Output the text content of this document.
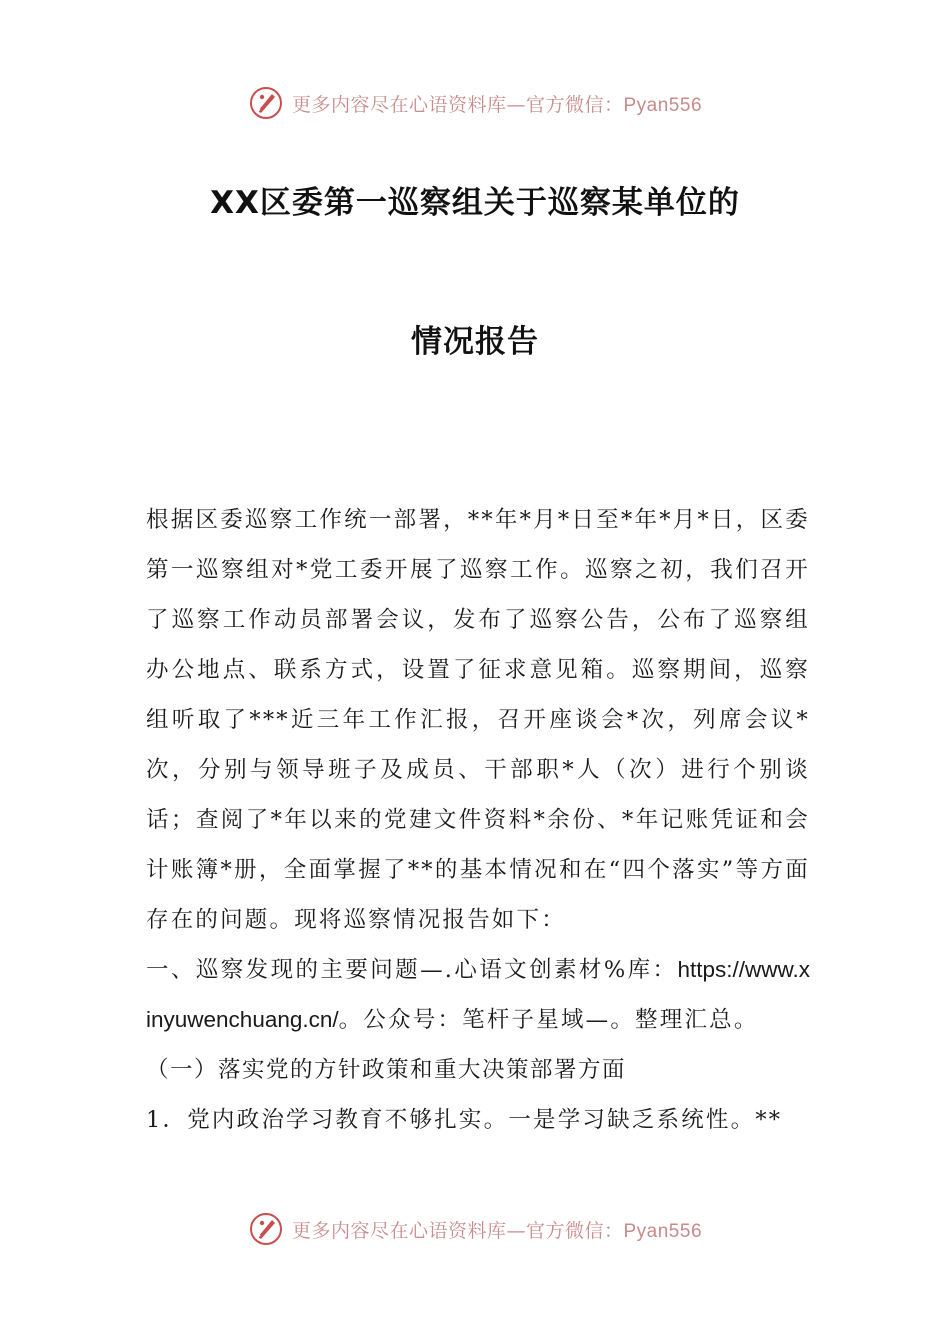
更多内容尽在心语资料库—官方微信：Pyan556
XX区委第一巡察组关于巡察某单位的
情况报告

根据区委巡察工作统一部署，**年*月*日至*年*月*日，区委第一巡察组对*党工委开展了巡察工作。巡察之初，我们召开了巡察工作动员部署会议，发布了巡察公告，公布了巡察组办公地点、联系方式，设置了征求意见箱。巡察期间，巡察组听取了***近三年工作汇报，召开座谈会*次，列席会议*次，分别与领导班子及成员、干部职*人（次）进行个别谈话；查阅了*年以来的党建文件资料*余份、*年记账凭证和会计账簿*册，全面掌握了**的基本情况和在“四个落实”等方面存在的问题。现将巡察情况报告如下：

一、巡察发现的主要问题—.心语文创素材%库：https://www.xinyuwenchuang.cn/。公众号：笔杆子星域—。整理汇总。

（一）落实党的方针政策和重大决策部署方面

1．党内政治学习教育不够扎实。一是学习缺乏系统性。**

更多内容尽在心语资料库—官方微信：Pyan556
